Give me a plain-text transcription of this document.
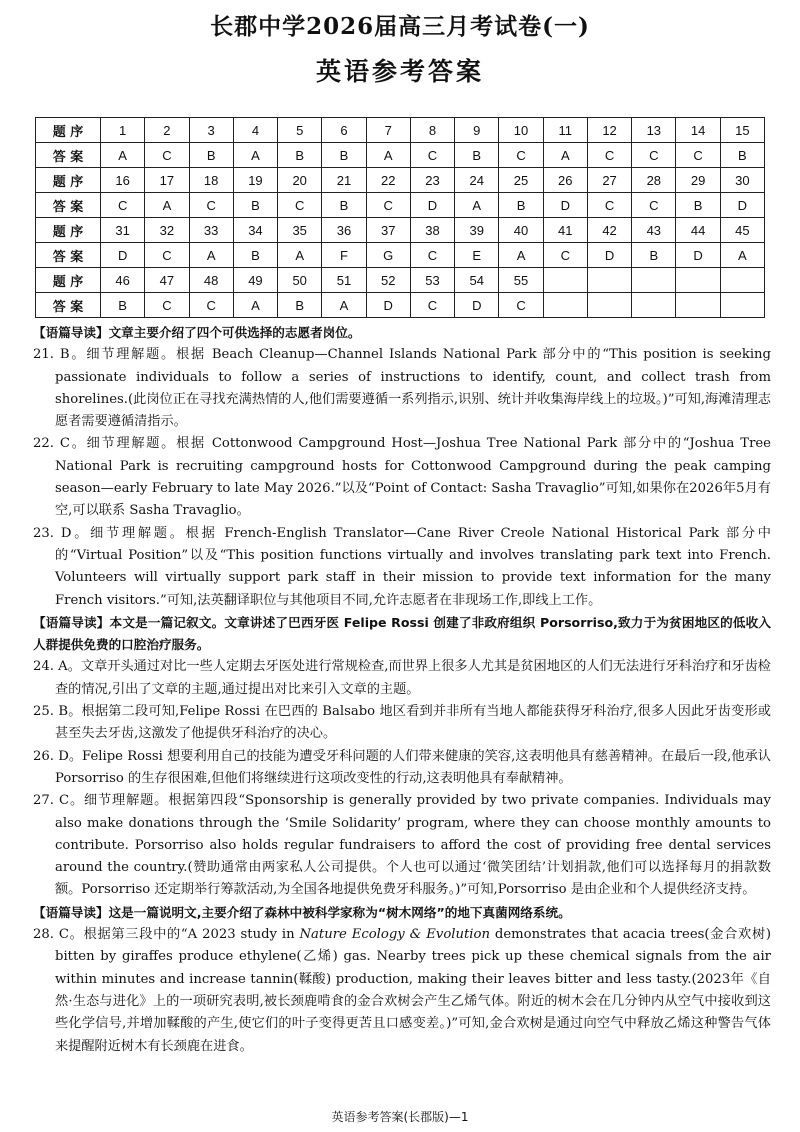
长郡中学2026届高三月考试卷(一)
英语参考答案
题 序	1	2	3	4	5	6	7	8	9	10	11	12	13	14	15
答 案	A	C	B	A	B	B	A	C	B	C	A	C	C	C	B
题 序	16	17	18	19	20	21	22	23	24	25	26	27	28	29	30
答 案	C	A	C	B	C	B	C	D	A	B	D	C	C	B	D
题 序	31	32	33	34	35	36	37	38	39	40	41	42	43	44	45
答 案	D	C	A	B	A	F	G	C	E	A	C	D	B	D	A
题 序	46	47	48	49	50	51	52	53	54	55					
答 案	B	C	C	A	B	A	D	C	D	C					

【语篇导读】文章主要介绍了四个可供选择的志愿者岗位。

21. B。细节理解题。根据 Beach Cleanup—Channel Islands National Park 部分中的“This position is seeking passionate individuals to follow a series of instructions to identify, count, and collect trash from shorelines.(此岗位正在寻找充满热情的人,他们需要遵循一系列指示,识别、统计并收集海岸线上的垃圾。)”可知,海滩清理志愿者需要遵循清指示。

22. C。细节理解题。根据 Cottonwood Campground Host—Joshua Tree National Park 部分中的“Joshua Tree National Park is recruiting campground hosts for Cottonwood Campground during the peak camping season—early February to late May 2026.”以及“Point of Contact: Sasha Travaglio”可知,如果你在2026年5月有空,可以联系 Sasha Travaglio。

23. D。细节理解题。根据 French-English Translator—Cane River Creole National Historical Park 部分中的“Virtual Position”以及“This position functions virtually and involves translating park text into French. Volunteers will virtually support park staff in their mission to provide text information for the many French visitors.”可知,法英翻译职位与其他项目不同,允许志愿者在非现场工作,即线上工作。

【语篇导读】本文是一篇记叙文。文章讲述了巴西牙医 Felipe Rossi 创建了非政府组织 Porsorriso,致力于为贫困地区的低收入人群提供免费的口腔治疗服务。

24. A。文章开头通过对比一些人定期去牙医处进行常规检查,而世界上很多人尤其是贫困地区的人们无法进行牙科治疗和牙齿检查的情况,引出了文章的主题,通过提出对比来引入文章的主题。

25. B。根据第二段可知,Felipe Rossi 在巴西的 Balsabo 地区看到并非所有当地人都能获得牙科治疗,很多人因此牙齿变形或甚至失去牙齿,这激发了他提供牙科治疗的决心。

26. D。Felipe Rossi 想要利用自己的技能为遭受牙科问题的人们带来健康的笑容,这表明他具有慈善精神。在最后一段,他承认 Porsorriso 的生存很困难,但他们将继续进行这项改变性的行动,这表明他具有奉献精神。

27. C。细节理解题。根据第四段“Sponsorship is generally provided by two private companies. Individuals may also make donations through the ‘Smile Solidarity’ program, where they can choose monthly amounts to contribute. Porsorriso also holds regular fundraisers to afford the cost of providing free dental services around the country.(赞助通常由两家私人公司提供。个人也可以通过‘微笑团结’计划捐款,他们可以选择每月的捐款数额。Porsorriso 还定期举行筹款活动,为全国各地提供免费牙科服务。)”可知,Porsorriso 是由企业和个人提供经济支持。

【语篇导读】这是一篇说明文,主要介绍了森林中被科学家称为“树木网络”的地下真菌网络系统。

28. C。根据第三段中的“A 2023 study in Nature Ecology & Evolution demonstrates that acacia trees(金合欢树) bitten by giraffes produce ethylene(乙烯) gas. Nearby trees pick up these chemical signals from the air within minutes and increase tannin(鞣酸) production, making their leaves bitter and less tasty.(2023年《自然·生态与进化》上的一项研究表明,被长颈鹿啃食的金合欢树会产生乙烯气体。附近的树木会在几分钟内从空气中接收到这些化学信号,并增加鞣酸的产生,使它们的叶子变得更苦且口感变差。)”可知,金合欢树是通过向空气中释放乙烯这种警告气体来提醒附近树木有长颈鹿在进食。

英语参考答案(长郡版)—1
